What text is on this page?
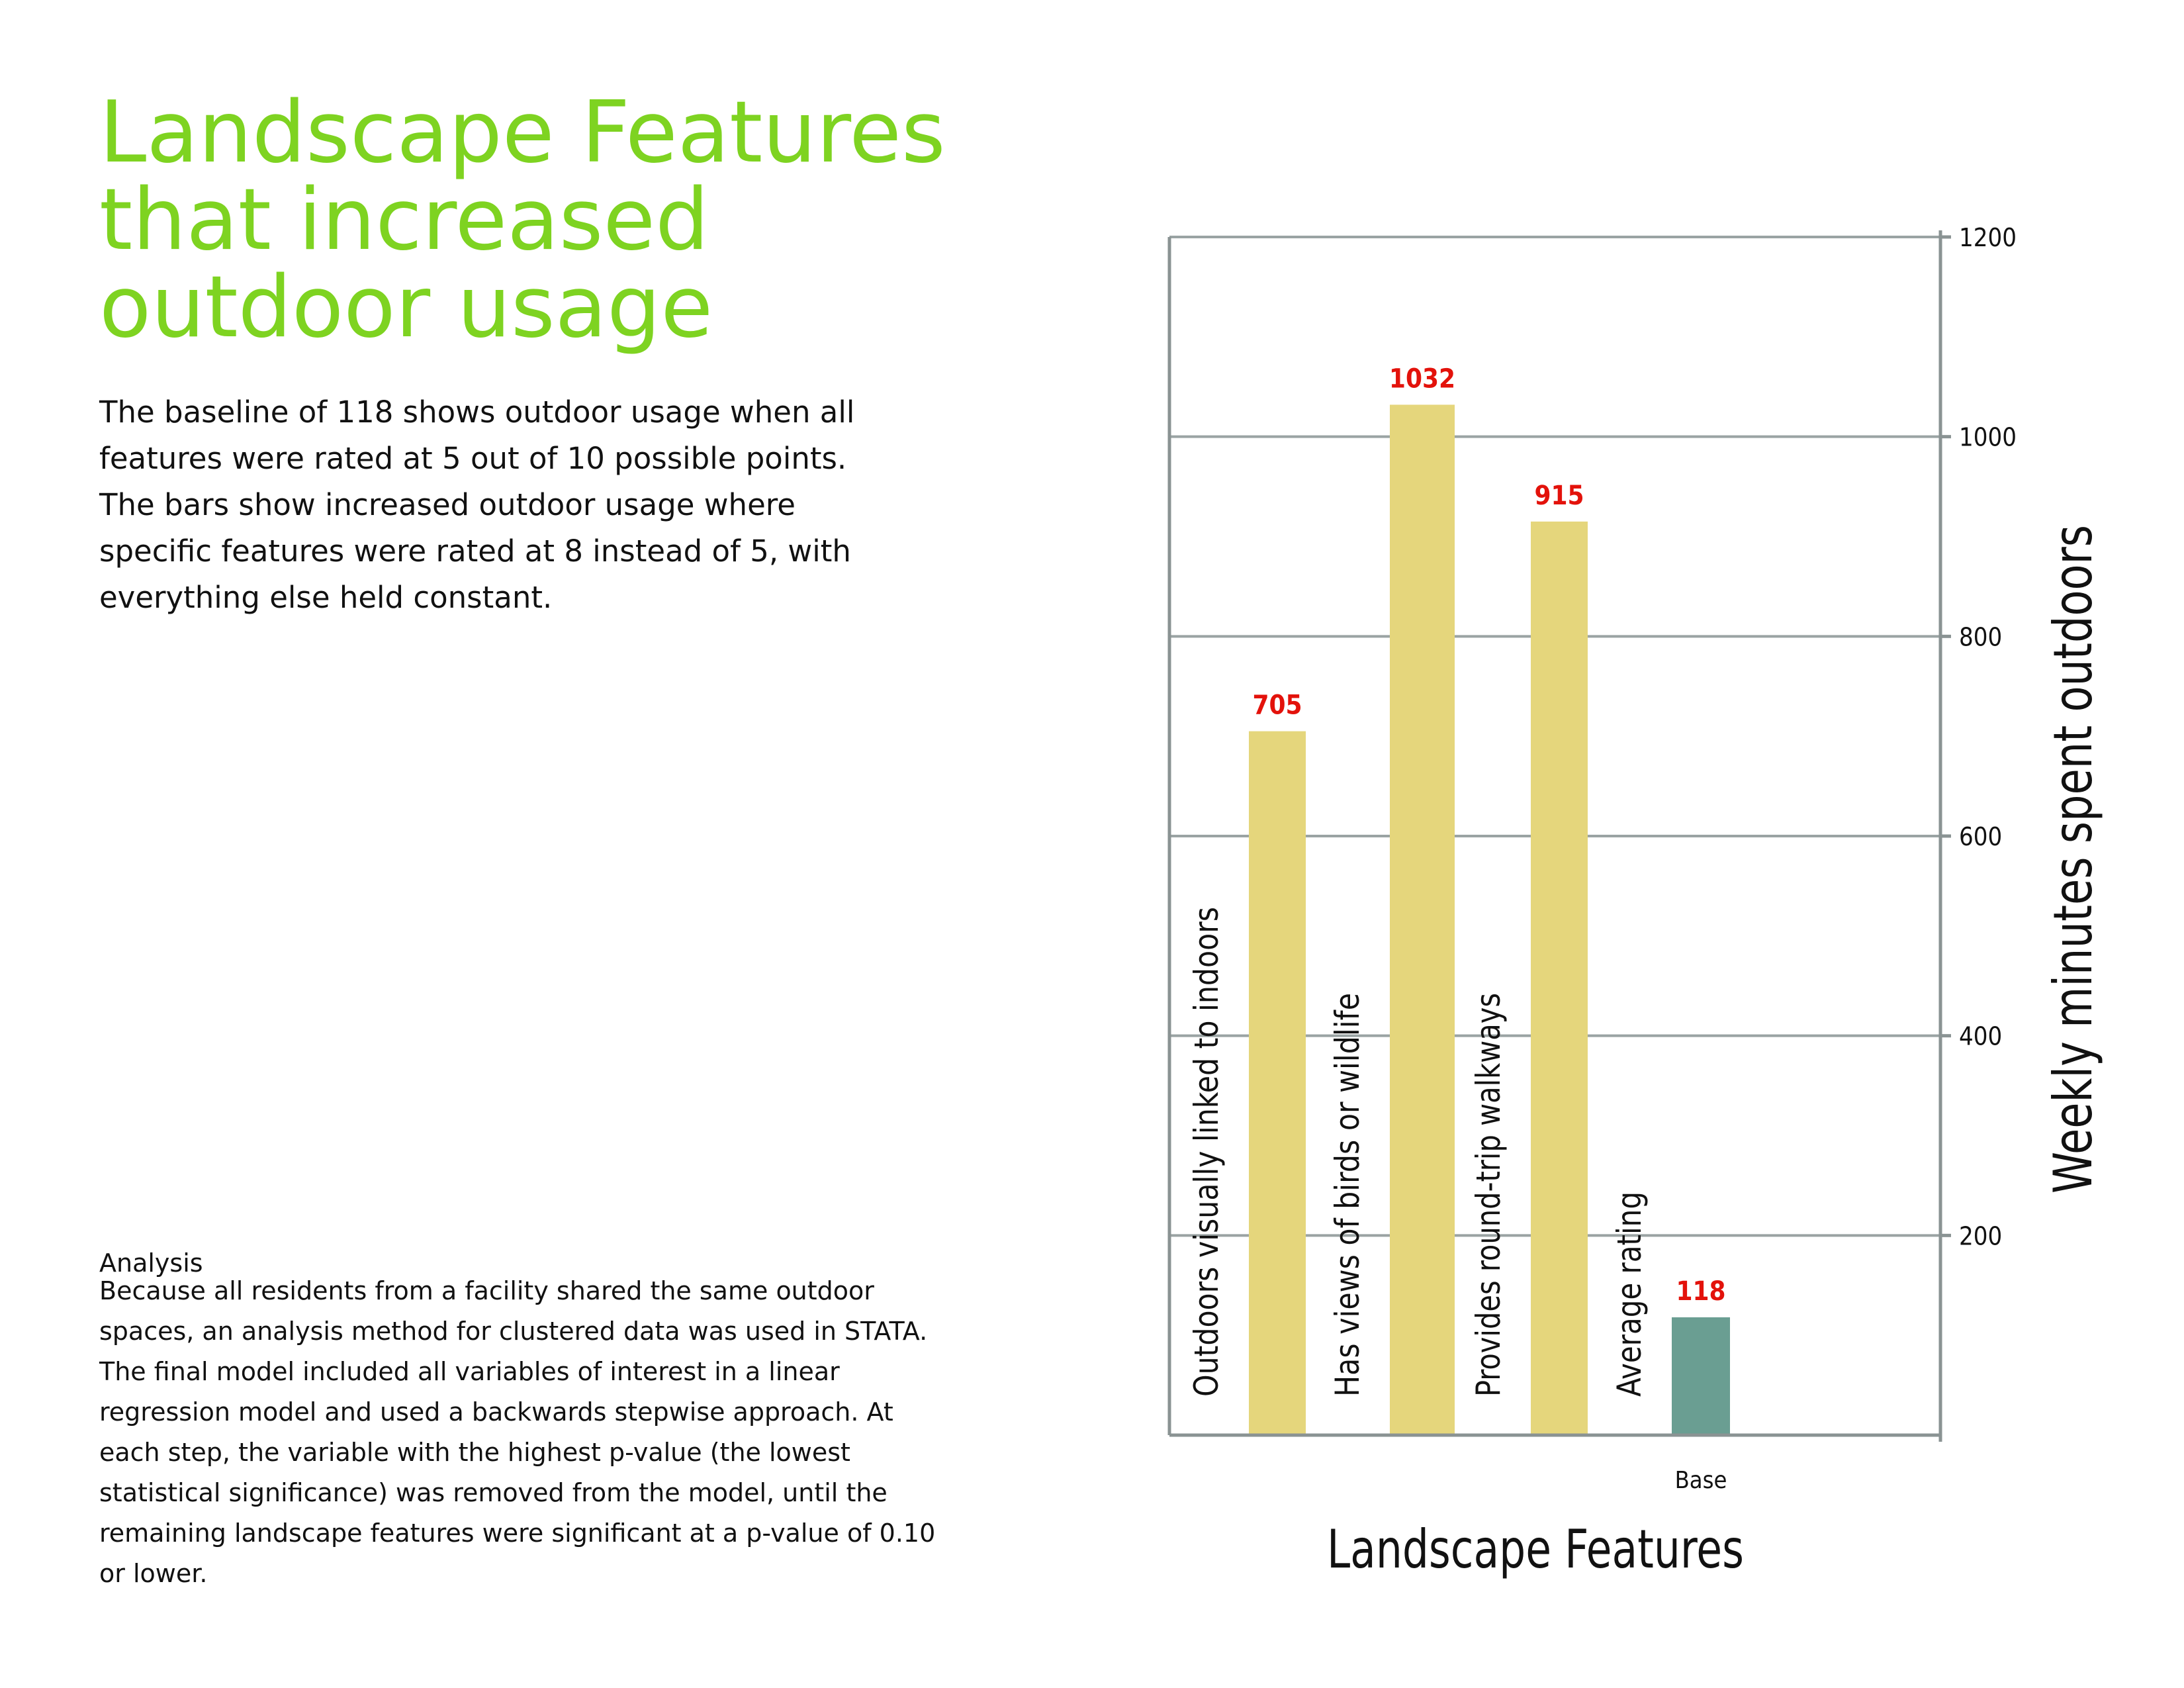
Landscape Features
that increased
outdoor usage

The baseline of 118 shows outdoor usage when all features were rated at 5 out of 10 possible points. The bars show increased outdoor usage where specific features were rated at 8 instead of 5, with everything else held constant.

Analysis

Because all residents from a facility shared the same outdoor spaces, an analysis method for clustered data was used in STATA. The final model included all variables of interest in a linear regression model and used a backwards stepwise approach. At each step, the variable with the highest p-value (the lowest statistical significance) was removed from the model, until the remaining landscape features were significant at a p-value of 0.10 or lower.

200
400
600
800
1000
1200
705
Outdoors visually linked to indoors
1032
Has views of birds or wildlife
915
Provides round-trip walkways	118
Average rating
Base
Landscape Features
Weekly minutes spent outdoors
